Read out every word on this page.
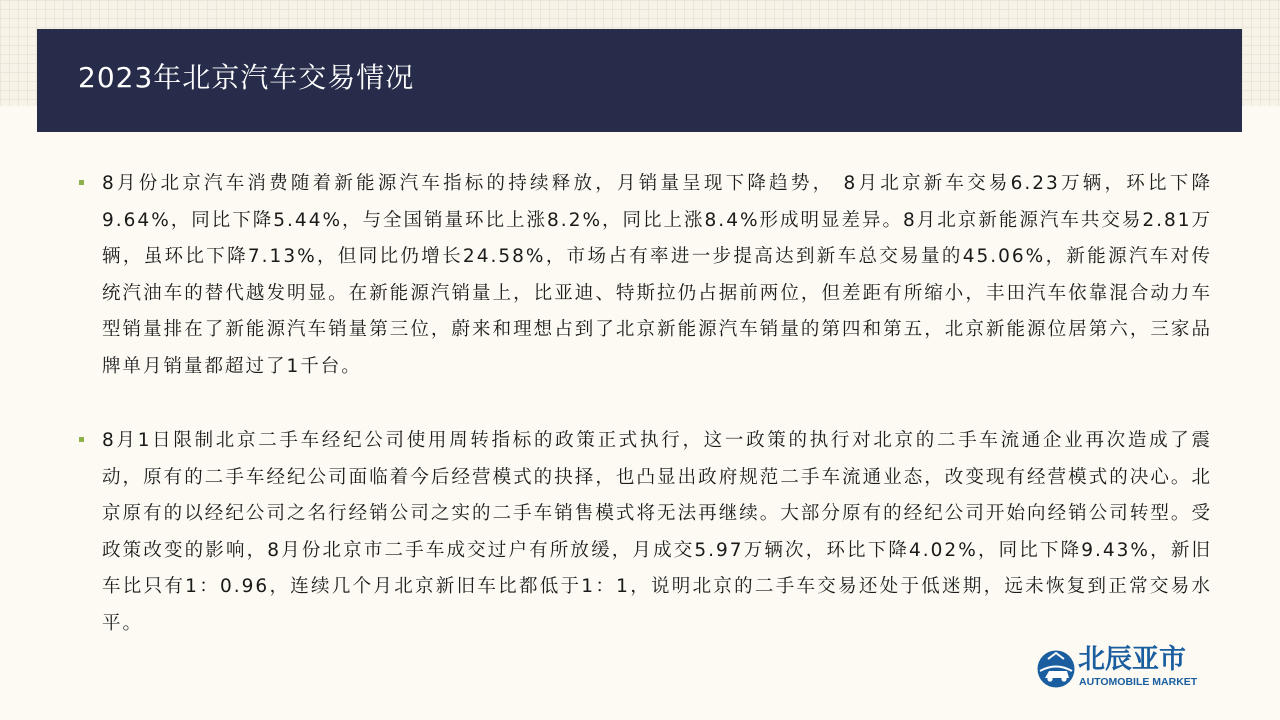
2023年北京汽车交易情况
8月份北京汽车消费随着新能源汽车指标的持续释放，月销量呈现下降趋势， 8月北京新车交易6.23万辆，环比下降9.64%，同比下降5.44%，与全国销量环比上涨8.2%，同比上涨8.4%形成明显差异。8月北京新能源汽车共交易2.81万辆，虽环比下降7.13%，但同比仍增长24.58%，市场占有率进一步提高达到新车总交易量的45.06%，新能源汽车对传统汽油车的替代越发明显。在新能源汽销量上，比亚迪、特斯拉仍占据前两位，但差距有所缩小，丰田汽车依靠混合动力车型销量排在了新能源汽车销量第三位，蔚来和理想占到了北京新能源汽车销量的第四和第五，北京新能源位居第六，三家品牌单月销量都超过了1千台。
8月1日限制北京二手车经纪公司使用周转指标的政策正式执行，这一政策的执行对北京的二手车流通企业再次造成了震动，原有的二手车经纪公司面临着今后经营模式的抉择，也凸显出政府规范二手车流通业态，改变现有经营模式的决心。北京原有的以经纪公司之名行经销公司之实的二手车销售模式将无法再继续。大部分原有的经纪公司开始向经销公司转型。受政策改变的影响，8月份北京市二手车成交过户有所放缓，月成交5.97万辆次，环比下降4.02%，同比下降9.43%，新旧车比只有1：0.96，连续几个月北京新旧车比都低于1：1，说明北京的二手车交易还处于低迷期，远未恢复到正常交易水平。
北辰亚市
AUTOMOBILE MARKET
